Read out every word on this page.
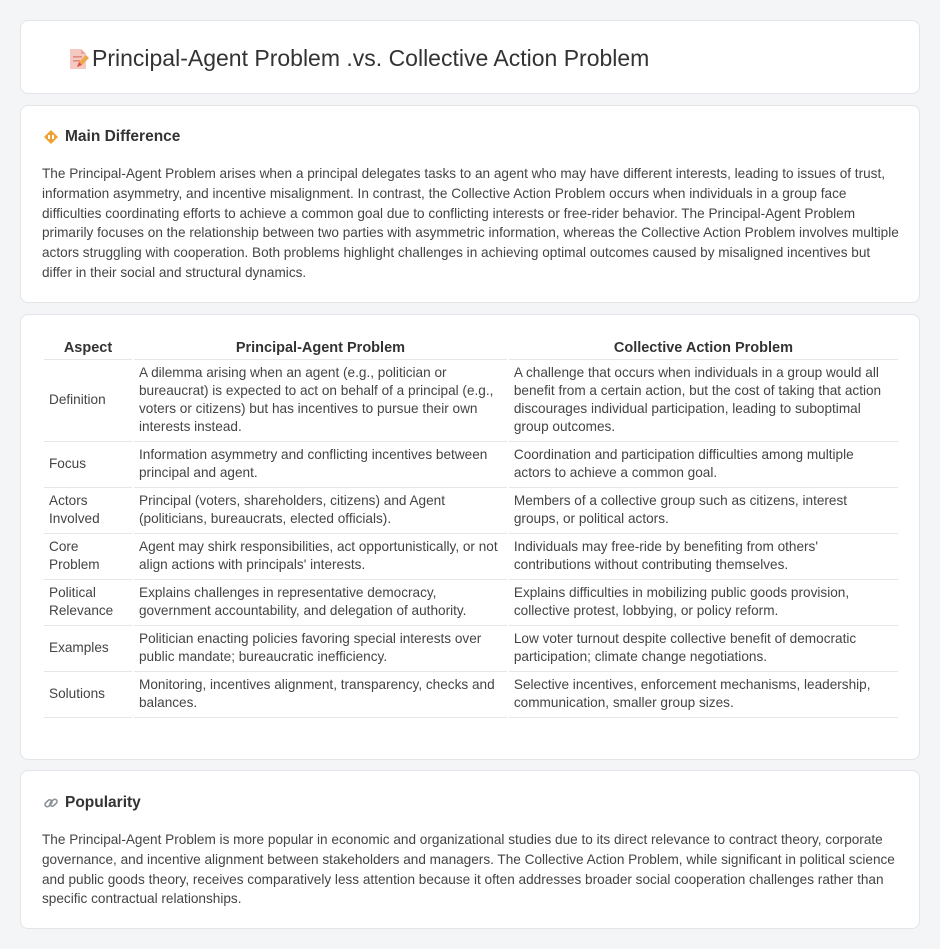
Principal-Agent Problem .vs. Collective Action Problem
Main Difference

The Principal-Agent Problem arises when a principal delegates tasks to an agent who may have different interests, leading to issues of trust, information asymmetry, and incentive misalignment. In contrast, the Collective Action Problem occurs when individuals in a group face difficulties coordinating efforts to achieve a common goal due to conflicting interests or free-rider behavior. The Principal-Agent Problem primarily focuses on the relationship between two parties with asymmetric information, whereas the Collective Action Problem involves multiple actors struggling with cooperation. Both problems highlight challenges in achieving optimal outcomes caused by misaligned incentives but differ in their social and structural dynamics.

Aspect	Principal-Agent Problem	Collective Action Problem
Definition	A dilemma arising when an agent (e.g., politician or bureaucrat) is expected to act on behalf of a principal (e.g., voters or citizens) but has incentives to pursue their own interests instead.	A challenge that occurs when individuals in a group would all benefit from a certain action, but the cost of taking that action discourages individual participation, leading to suboptimal group outcomes.
Focus	Information asymmetry and conflicting incentives between principal and agent.	Coordination and participation difficulties among multiple actors to achieve a common goal.
Actors Involved	Principal (voters, shareholders, citizens) and Agent (politicians, bureaucrats, elected officials).	Members of a collective group such as citizens, interest groups, or political actors.
Core Problem	Agent may shirk responsibilities, act opportunistically, or not align actions with principals' interests.	Individuals may free-ride by benefiting from others' contributions without contributing themselves.
Political Relevance	Explains challenges in representative democracy, government accountability, and delegation of authority.	Explains difficulties in mobilizing public goods provision, collective protest, lobbying, or policy reform.
Examples	Politician enacting policies favoring special interests over public mandate; bureaucratic inefficiency.	Low voter turnout despite collective benefit of democratic participation; climate change negotiations.
Solutions	Monitoring, incentives alignment, transparency, checks and balances.	Selective incentives, enforcement mechanisms, leadership, communication, smaller group sizes.
Popularity

The Principal-Agent Problem is more popular in economic and organizational studies due to its direct relevance to contract theory, corporate governance, and incentive alignment between stakeholders and managers. The Collective Action Problem, while significant in political science and public goods theory, receives comparatively less attention because it often addresses broader social cooperation challenges rather than specific contractual relationships.
